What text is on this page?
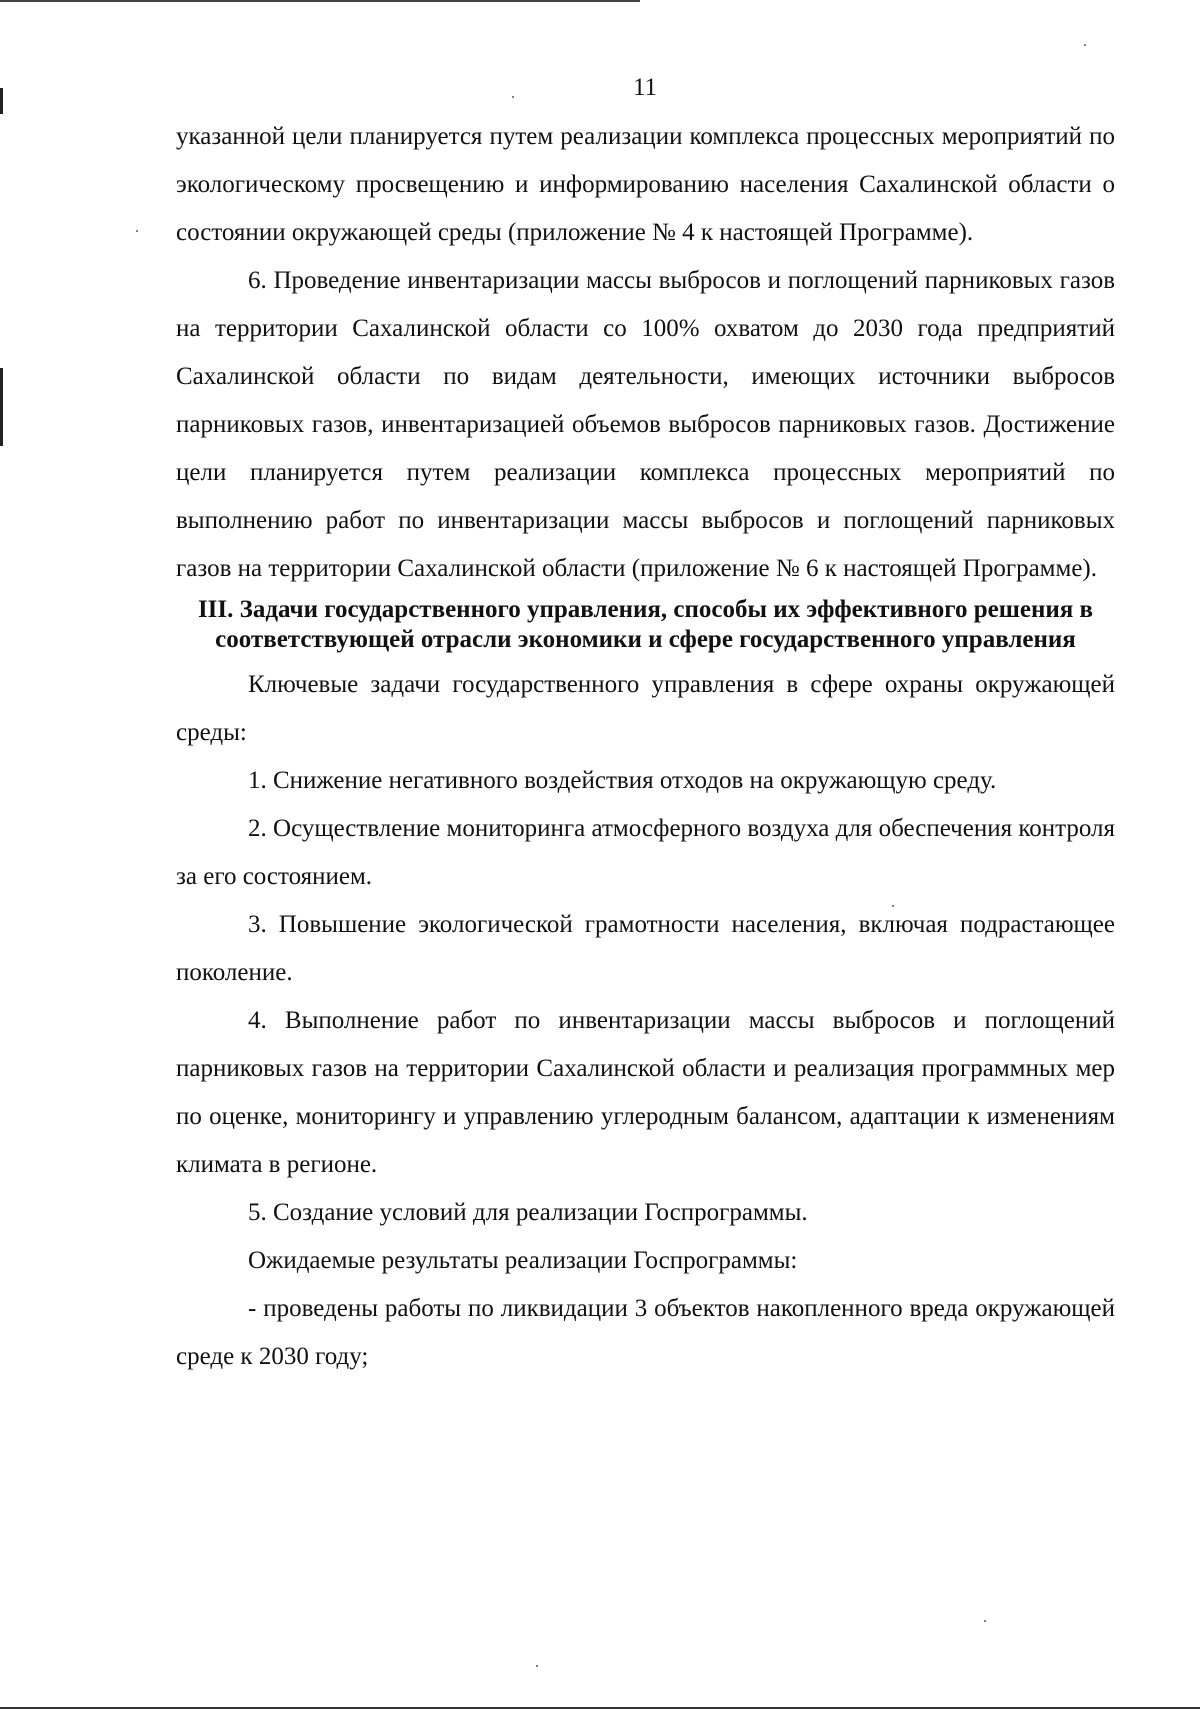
11

указанной цели планируется путем реализации комплекса процессных мероприятий по экологическому просвещению и информированию населения Сахалинской области о состоянии окружающей среды (приложение № 4 к настоящей Программе).

6. Проведение инвентаризации массы выбросов и поглощений парниковых газов на территории Сахалинской области со 100% охватом до 2030 года предприятий Сахалинской области по видам деятельности, имеющих источники выбросов парниковых газов, инвентаризацией объемов выбросов парниковых газов. Достижение цели планируется путем реализации комплекса процессных мероприятий по выполнению работ по инвентаризации массы выбросов и поглощений парниковых газов на территории Сахалинской области (приложение № 6 к настоящей Программе).

III. Задачи государственного управления, способы их эффективного решения в соответствующей отрасли экономики и сфере государственного управления

Ключевые задачи государственного управления в сфере охраны окружающей среды:

1. Снижение негативного воздействия отходов на окружающую среду.

2. Осуществление мониторинга атмосферного воздуха для обеспечения контроля за его состоянием.

3. Повышение экологической грамотности населения, включая подрастающее поколение.

4. Выполнение работ по инвентаризации массы выбросов и поглощений парниковых газов на территории Сахалинской области и реализация программных мер по оценке, мониторингу и управлению углеродным балансом, адаптации к изменениям климата в регионе.

5. Создание условий для реализации Госпрограммы.

Ожидаемые результаты реализации Госпрограммы:

- проведены работы по ликвидации 3 объектов накопленного вреда окружающей среде к 2030 году;
